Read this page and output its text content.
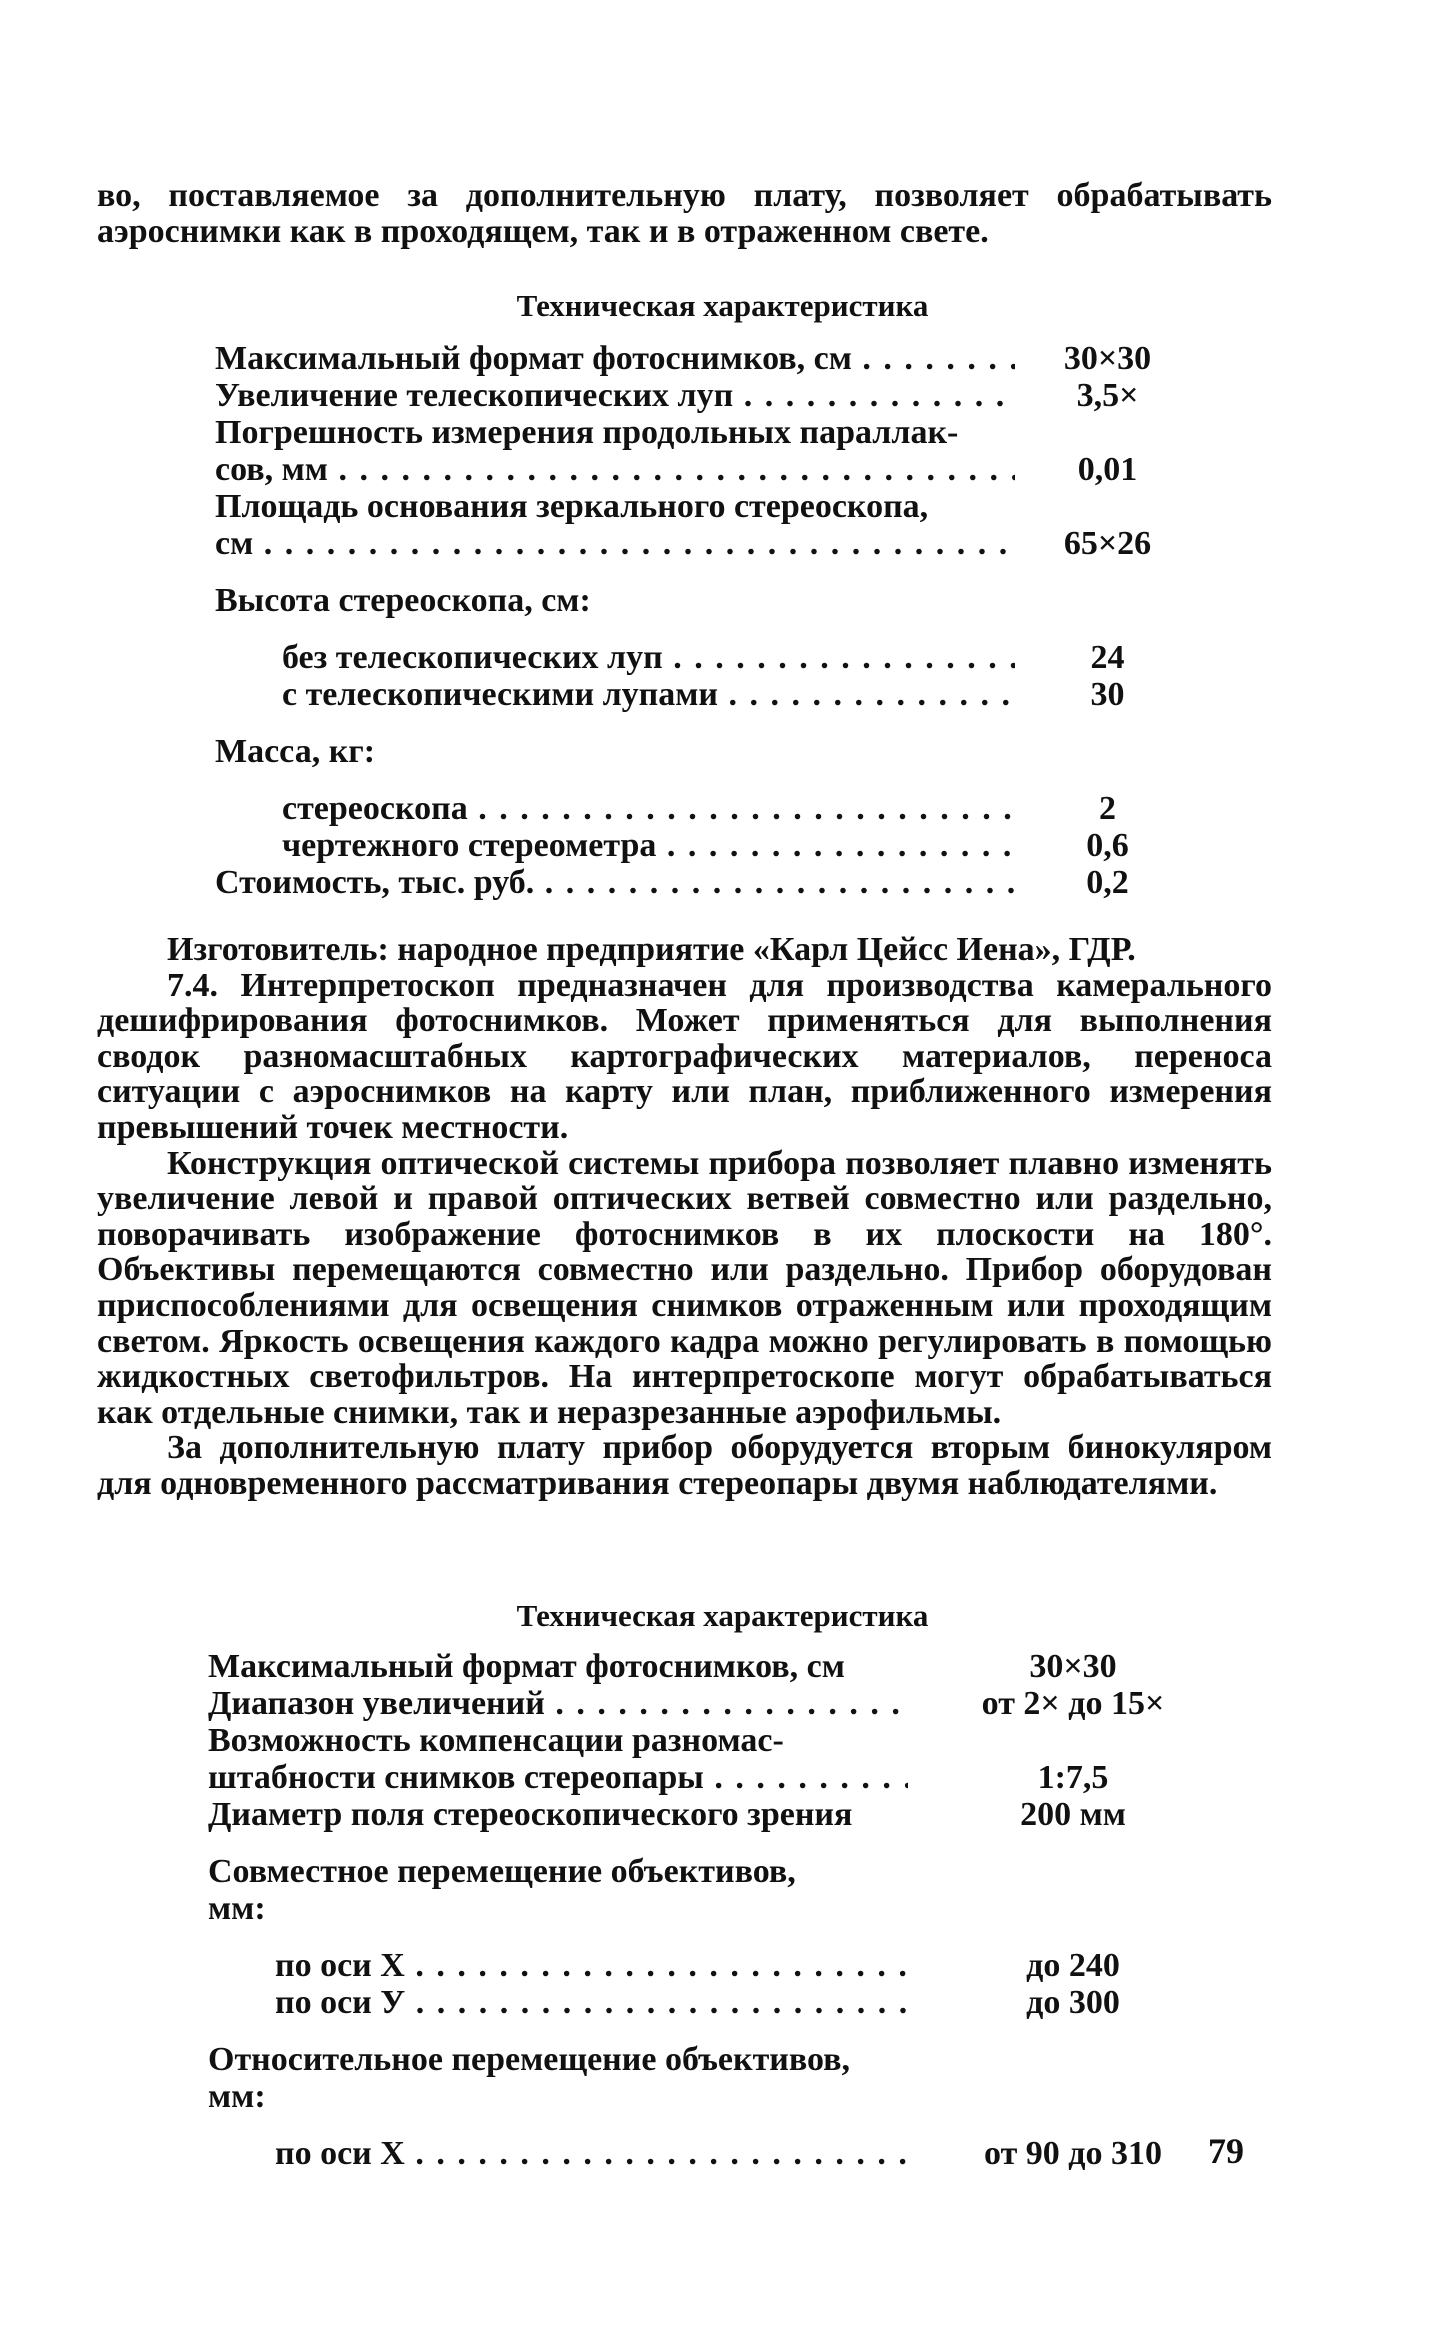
во, поставляемое за дополнительную плату, позволяет обрабатывать аэроснимки как в проходящем, так и в отраженном свете.

Техническая характеристика
Максимальный формат фотоснимков, см . . .	30×30
Увеличение телескопических луп . . .	3,5×
Погрешность измерения продольных параллак-
сов, мм . . .	0,01
Площадь основания зеркального стереоскопа,
см . . .	65×26
Высота стереоскопа, см:
без телескопических луп . . .	24
с телескопическими лупами . . .	30
Масса, кг:
стереоскопа . . .	2
чертежного стереометра . . .	0,6
Стоимость, тыс. руб. . . .	0,2

Изготовитель: народное предприятие «Карл Цейсс Иена», ГДР.

7.4. Интерпретоскоп предназначен для производства камерального дешифрирования фотоснимков. Может применяться для выполнения сводок разномасштабных картографических материалов, переноса ситуации с аэроснимков на карту или план, приближенного измерения превышений точек местности.

Конструкция оптической системы прибора позволяет плавно изменять увеличение левой и правой оптических ветвей совместно или раздельно, поворачивать изображение фотоснимков в их плоскости на 180°. Объективы перемещаются совместно или раздельно. Прибор оборудован приспособлениями для освещения снимков отраженным или проходящим светом. Яркость освещения каждого кадра можно регулировать в помощью жидкостных светофильтров. На интерпретоскопе могут обрабатываться как отдельные снимки, так и неразрезанные аэрофильмы.

За дополнительную плату прибор оборудуется вторым бинокуляром для одновременного рассматривания стереопары двумя наблюдателями.

Техническая характеристика
Максимальный формат фотоснимков, см	30×30
Диапазон увеличений . . .	от 2× до 15×
Возможность компенсации разномас-
штабности снимков стереопары . . .	1:7,5
Диаметр поля стереоскопического зрения	200 мм
Совместное перемещение объективов,
мм:
по оси X . . .	до 240
по оси У . . .	до 300
Относительное перемещение объективов,
мм:
по оси X . . .	от 90 до 310	79
